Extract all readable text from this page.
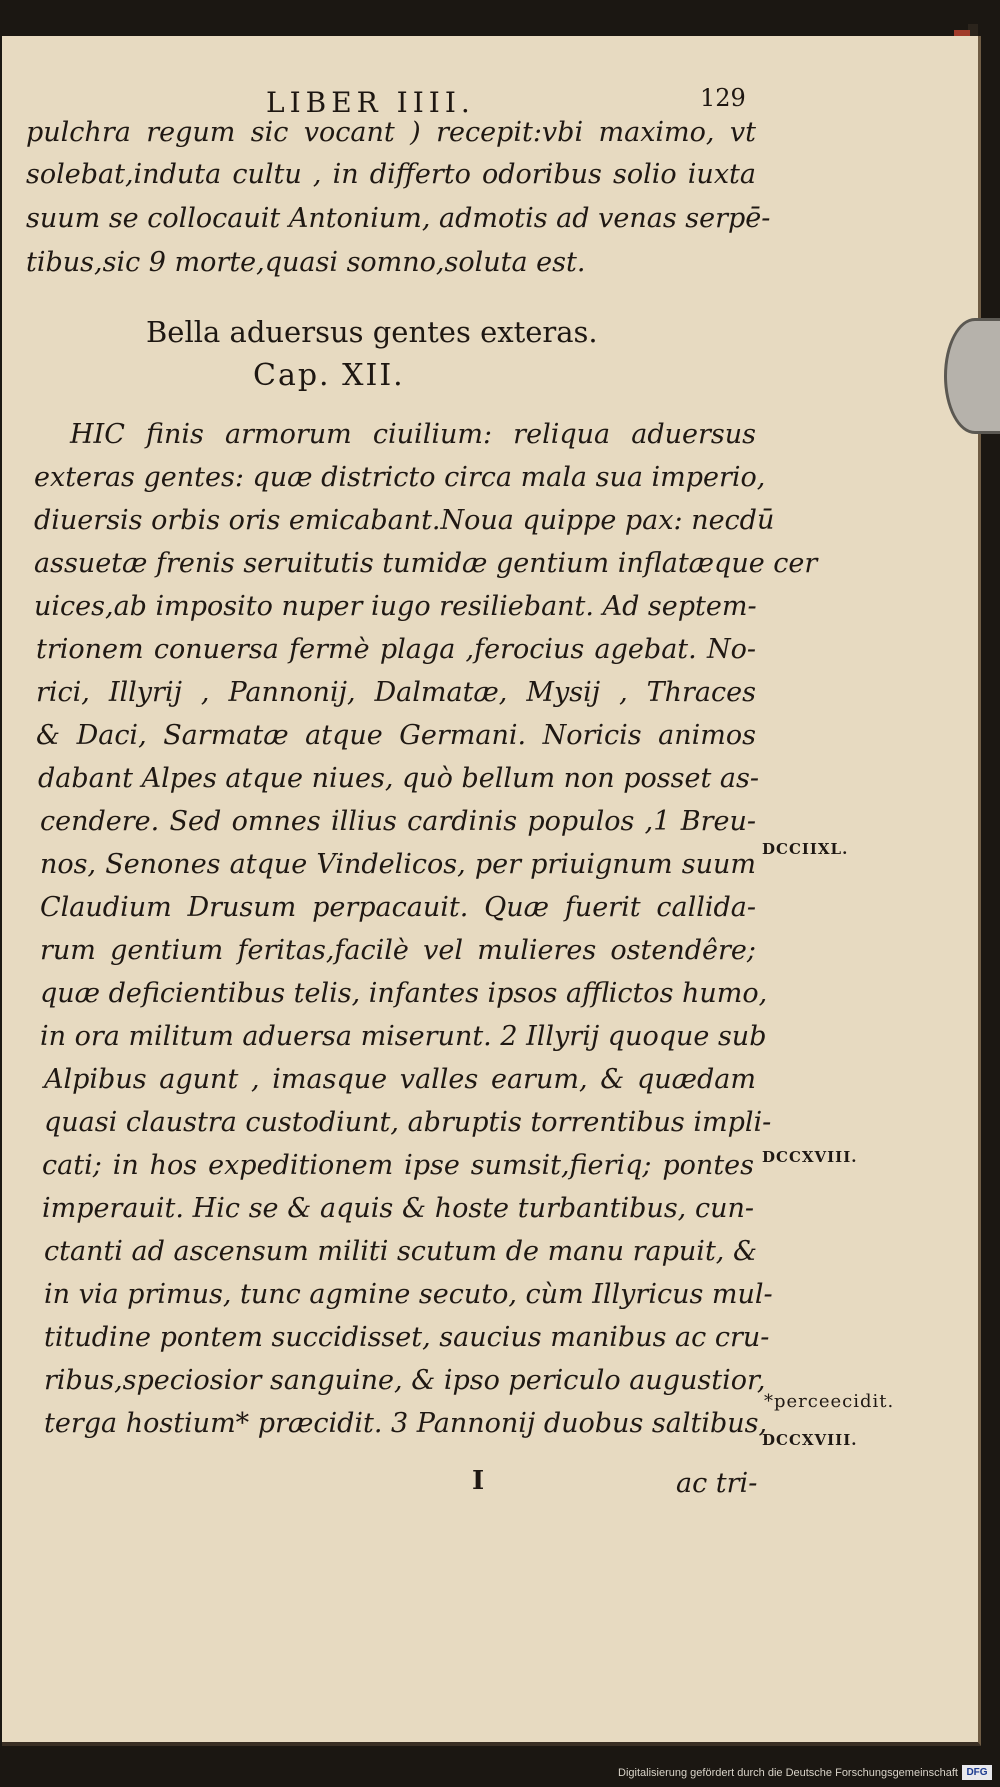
LIBER IIII.	129
pulchra regum sic vocant ) recepit:vbi maximo, vt
solebat,induta cultu , in differto odoribus solio iuxta
suum se collocauit Antonium, admotis ad venas serpē-
tibus,sic 9 morte,quasi somno,soluta est.
Bella aduersus gentes exteras.
Cap. XII.
HIC finis armorum ciuilium: reliqua aduersus
exteras gentes: quæ districto circa mala sua imperio,
diuersis orbis oris emicabant.Noua quippe pax: necdū
assuetæ frenis seruitutis tumidæ gentium inflatæque cer
uices,ab imposito nuper iugo resiliebant. Ad septem-
trionem conuersa fermè plaga ,ferocius agebat. No-
rici, Illyrij , Pannonij, Dalmatæ, Mysij , Thraces
& Daci, Sarmatæ atque Germani. Noricis animos
dabant Alpes atque niues, quò bellum non posset as-
cendere. Sed omnes illius cardinis populos ,1 Breu-
nos, Senones atque Vindelicos, per priuignum suum
Claudium Drusum perpacauit. Quæ fuerit callida-
rum gentium feritas,facilè vel mulieres ostendêre;
quæ deficientibus telis, infantes ipsos afflictos humo,
in ora militum aduersa miserunt. 2 Illyrij quoque sub
Alpibus agunt , imasque valles earum, & quædam
quasi claustra custodiunt, abruptis torrentibus impli-
cati; in hos expeditionem ipse sumsit,fieriq; pontes
imperauit. Hic se & aquis & hoste turbantibus, cun-
ctanti ad ascensum militi scutum de manu rapuit, &
in via primus, tunc agmine secuto, cùm Illyricus mul-
titudine pontem succidisset, saucius manibus ac cru-
ribus,speciosior sanguine, & ipso periculo augustior,
terga hostium* præcidit. 3 Pannonij duobus saltibus,
DCCIIXL.
DCCXVIII.
*perceecidit.
DCCXVIII.
I	ac tri-
Digitalisierung gefördert durch die Deutsche Forschungsgemeinschaft DFG
